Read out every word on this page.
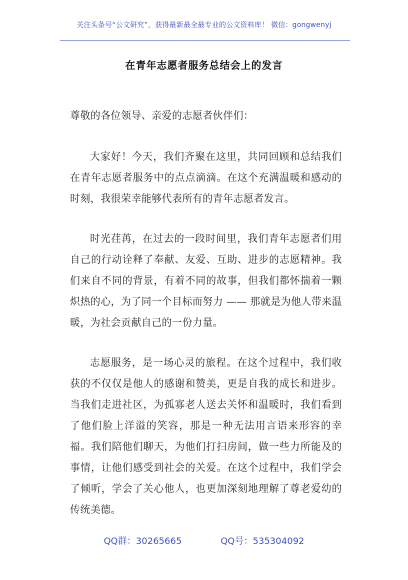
关注头条号“公文研究”，获得最新最全最专业的公文资料库！ 微信：gongwenyj
在青年志愿者服务总结会上的发言

尊敬的各位领导、亲爱的志愿者伙伴们：

大家好！今天，我们齐聚在这里，共同回顾和总结我们在青年志愿者服务中的点点滴滴。在这个充满温暖和感动的时刻，我很荣幸能够代表所有的青年志愿者发言。

时光荏苒，在过去的一段时间里，我们青年志愿者们用自己的行动诠释了奉献、友爱、互助、进步的志愿精神。我们来自不同的背景，有着不同的故事，但我们都怀揣着一颗炽热的心，为了同一个目标而努力 —— 那就是为他人带来温暖，为社会贡献自己的一份力量。

志愿服务，是一场心灵的旅程。在这个过程中，我们收获的不仅仅是他人的感谢和赞美，更是自我的成长和进步。当我们走进社区，为孤寡老人送去关怀和温暖时，我们看到了他们脸上洋溢的笑容，那是一种无法用言语来形容的幸福。我们陪他们聊天，为他们打扫房间，做一些力所能及的事情，让他们感受到社会的关爱。在这个过程中，我们学会了倾听，学会了关心他人，也更加深刻地理解了尊老爱幼的传统美德。

QQ群：30265665	QQ号：535304092
